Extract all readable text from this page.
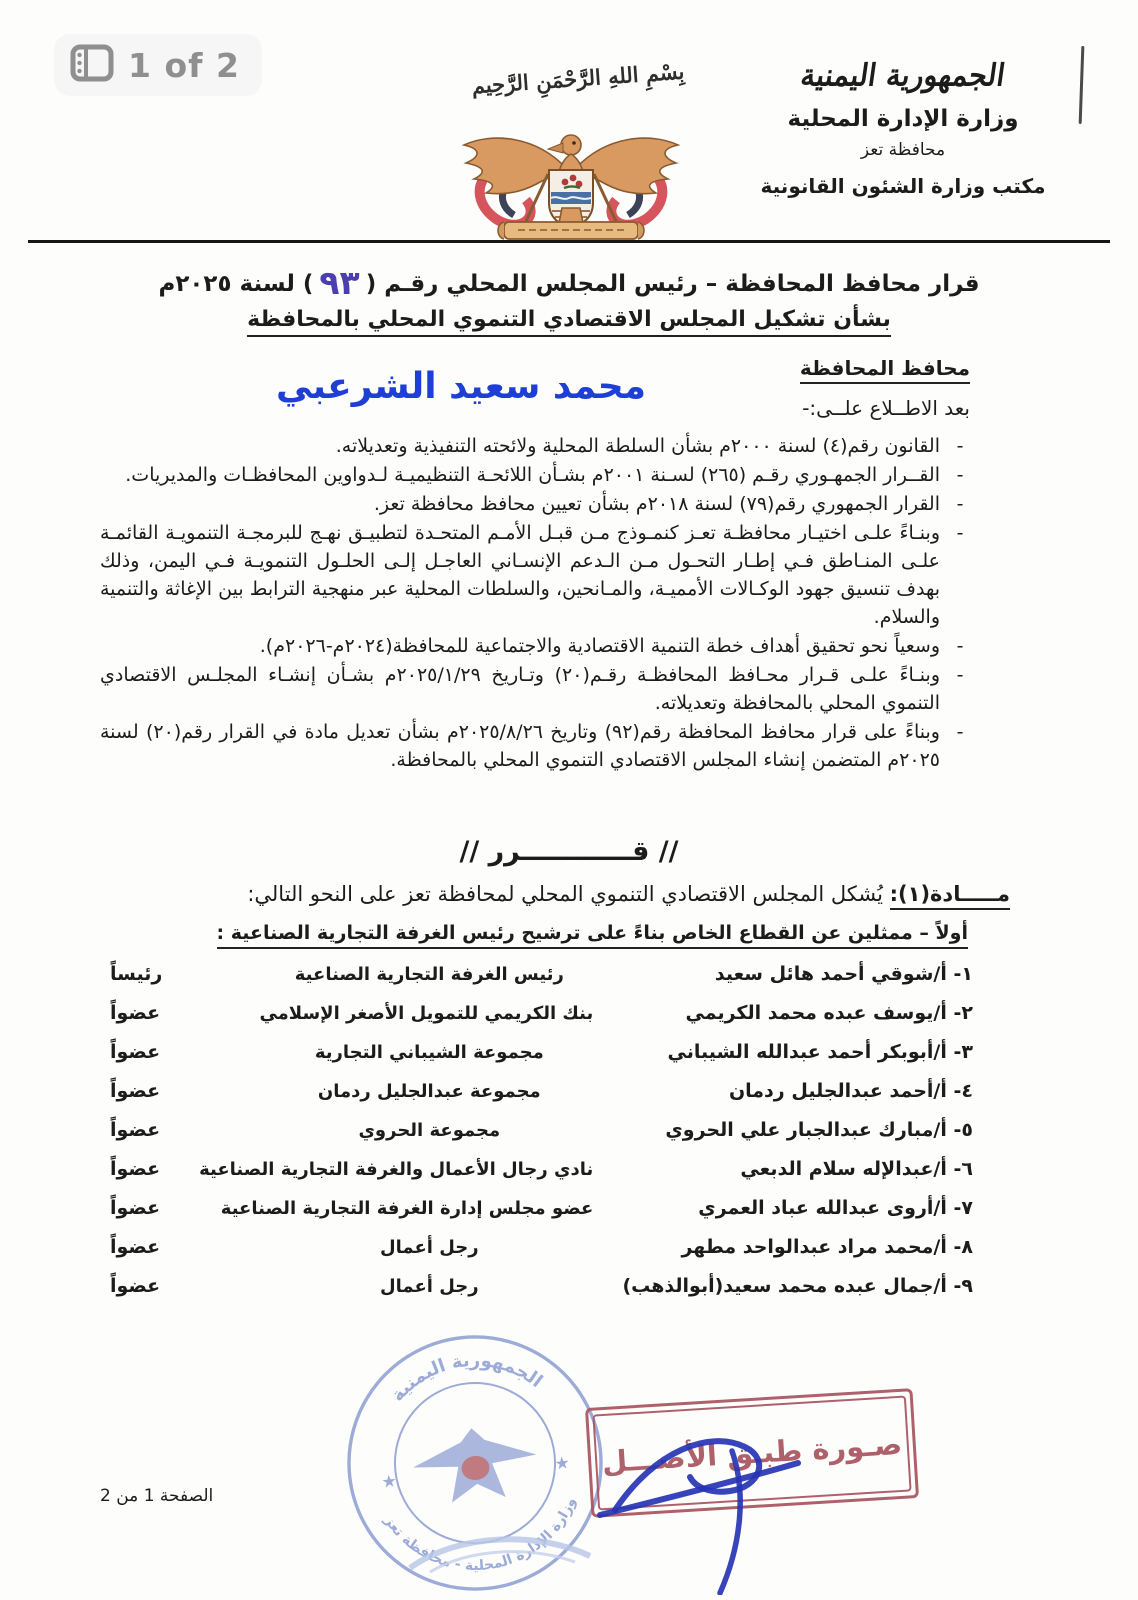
1 of 2	بِسْمِ اللهِ الرَّحْمَنِ الرَّحِيم	الجمهورية اليمنية
وزارة الإدارة المحلية
محافظة تعز
مكتب وزارة الشئون القانونية
قرار محافظ المحافظة – رئيس المجلس المحلي رقـم (٩٣) لسنة ٢٠٢٥م
بشأن تشكيل المجلس الاقتصادي التنموي المحلي بالمحافظة
محافظ المحافظة
محمد سعيد الشرعبي
بعد الاطــلاع علــى:-
-

القانون رقم(٤) لسنة ٢٠٠٠م بشأن السلطة المحلية ولائحته التنفيذية وتعديلاته.

-

القــرار الجمهـوري رقـم (٢٦٥) لسـنة ٢٠٠١م بشـأن اللائحـة التنظيميـة لـدواوين المحافظـات والمديريات.

-

القرار الجمهوري رقم(٧٩) لسنة ٢٠١٨م بشأن تعيين محافظ محافظة تعز.

-

وبنـاءً علـى اختيـار محافظـة تعـز كنمـوذج مـن قبـل الأمـم المتحـدة لتطبيـق نهـج للبرمجـة التنمويـة القائمـة علـى المنـاطق فـي إطـار التحـول مـن الـدعم الإنسـاني العاجـل إلـى الحلـول التنمويـة فـي اليمن، وذلك بهدف تنسيق جهود الوكـالات الأمميـة، والمـانحين، والسلطات المحلية عبر منهجية الترابط بين الإغاثة والتنمية والسلام.

-

وسعياً نحو تحقيق أهداف خطة التنمية الاقتصادية والاجتماعية للمحافظة(٢٠٢٤م-٢٠٢٦م).

-

وبنـاءً علـى قـرار محـافظ المحافظـة رقـم(٢٠) وتـاريخ ٢٠٢٥/١/٢٩م بشـأن إنشـاء المجلـس الاقتصادي التنموي المحلي بالمحافظة وتعديلاته.

-

وبناءً على قرار محافظ المحافظة رقم(٩٢) وتاريخ ٢٠٢٥/٨/٢٦م بشأن تعديل مادة في القرار رقم(٢٠) لسنة ٢٠٢٥م المتضمن إنشاء المجلس الاقتصادي التنموي المحلي بالمحافظة.

// قــــــــــــرر //
مـــــادة(١): يُشكل المجلس الاقتصادي التنموي المحلي لمحافظة تعز على النحو التالي:
أولاً – ممثلين عن القطاع الخاص بناءً على ترشيح رئيس الغرفة التجارية الصناعية :
١- أ/شوقي أحمد هائل سعيد
رئيس الغرفة التجارية الصناعية
رئيساً
٢- أ/يوسف عبده محمد الكريمي
بنك الكريمي للتمويل الأصغر الإسلامي
عضواً
٣- أ/أبوبكر أحمد عبدالله الشيباني
مجموعة الشيباني التجارية
عضواً
٤- أ/أحمد عبدالجليل ردمان
مجموعة عبدالجليل ردمان
عضواً
٥- أ/مبارك عبدالجبار علي الحروي
مجموعة الحروي
عضواً
٦- أ/عبدالإله سلام الدبعي
نادي رجال الأعمال والغرفة التجارية الصناعية
عضواً
٧- أ/أروى عبدالله عباد العمري
عضو مجلس إدارة الغرفة التجارية الصناعية
عضواً
٨- أ/محمد مراد عبدالواحد مطهر
رجل أعمال
عضواً
٩- أ/جمال عبده محمد سعيد(أبوالذهب)
رجل أعمال
عضواً
الجمهورية اليمنية
وزارة الإدارة المحلية - محافظة تعز
★
★ صـورة طبـق الأصـــل
الصفحة 1 من 2
